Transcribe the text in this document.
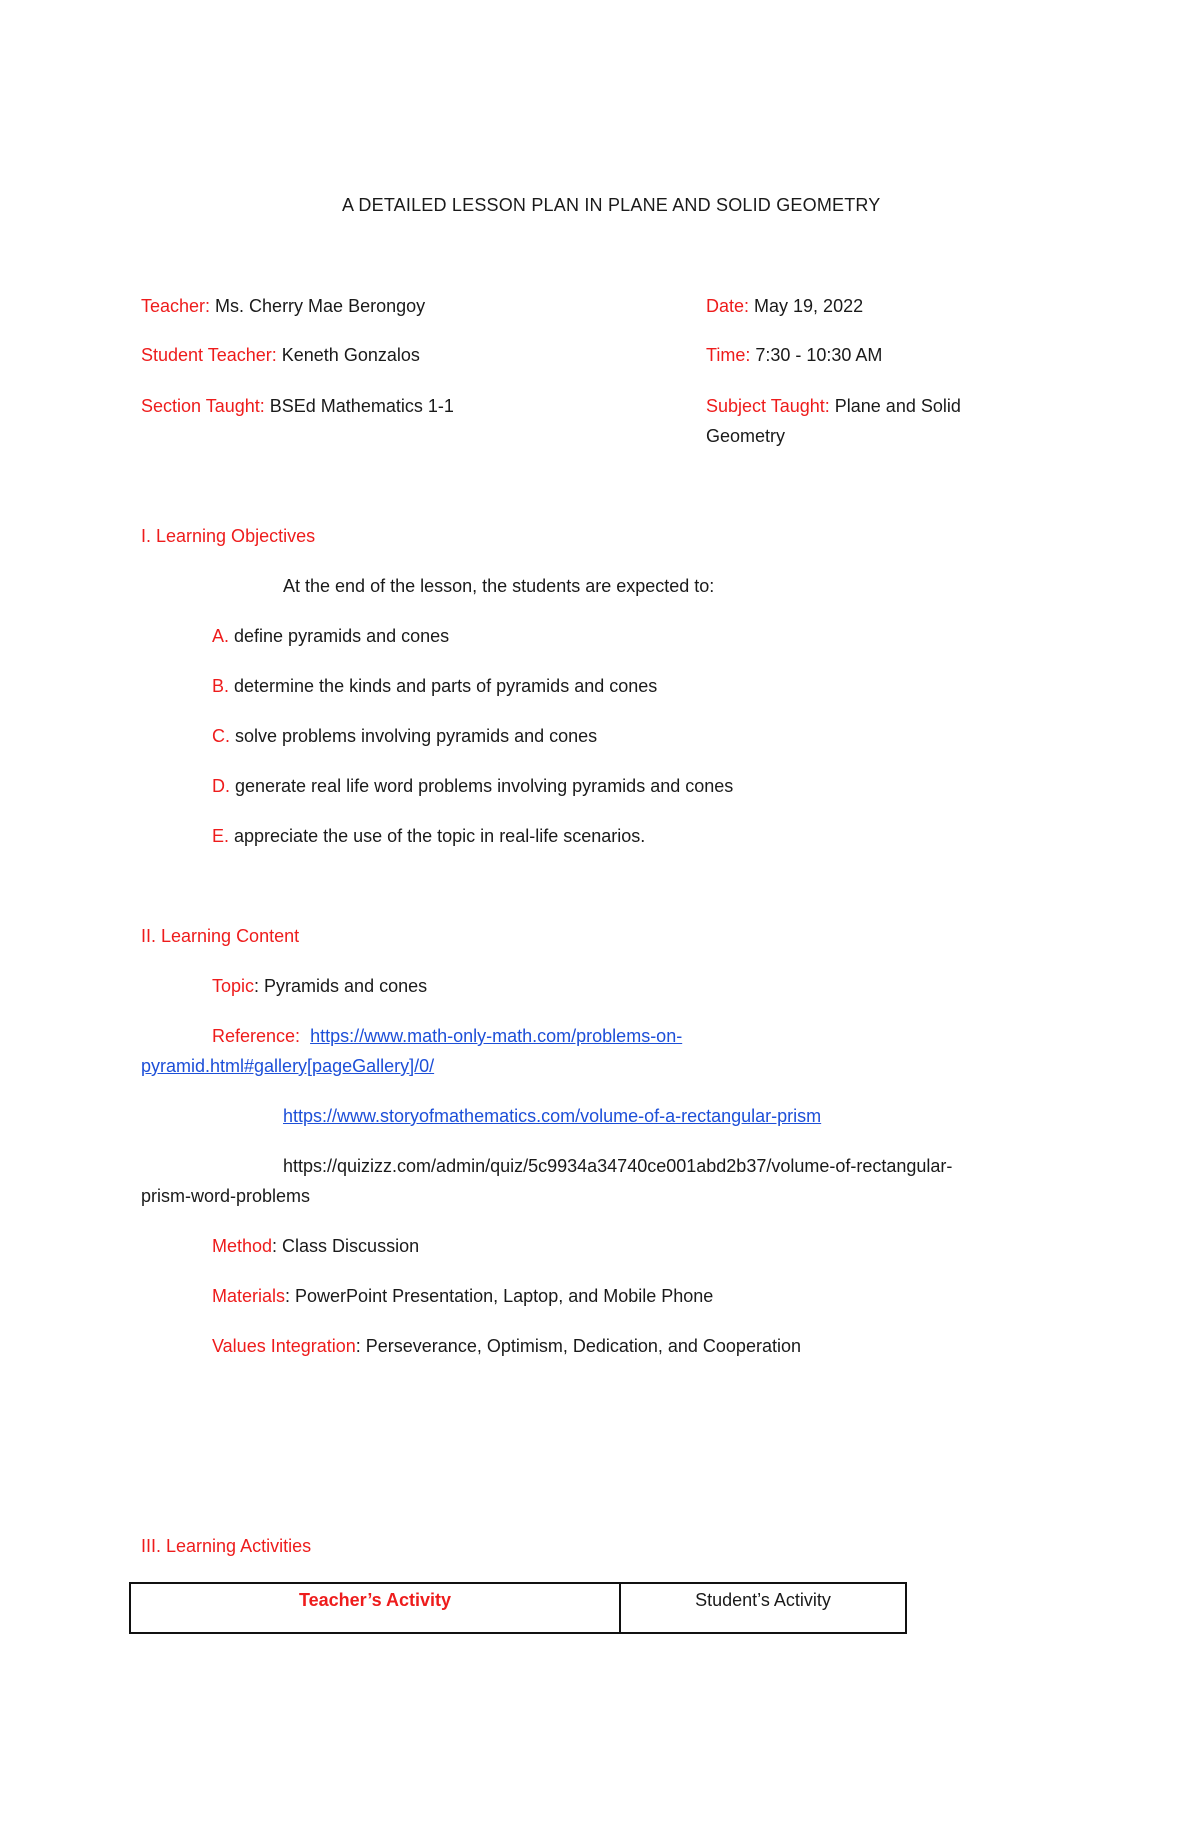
A DETAILED LESSON PLAN IN PLANE AND SOLID GEOMETRY
Teacher: Ms. Cherry Mae Berongoy
Student Teacher: Keneth Gonzalos
Section Taught: BSEd Mathematics 1-1
Date: May 19, 2022
Time: 7:30 - 10:30 AM
Subject Taught: Plane and Solid
Geometry
I. Learning Objectives
At the end of the lesson, the students are expected to:
A. define pyramids and cones
B. determine the kinds and parts of pyramids and cones
C. solve problems involving pyramids and cones
D. generate real life word problems involving pyramids and cones
E. appreciate the use of the topic in real-life scenarios.
II. Learning Content
Topic: Pyramids and cones
Reference: https://www.math-only-math.com/problems-on-
pyramid.html#gallery[pageGallery]/0/
https://www.storyofmathematics.com/volume-of-a-rectangular-prism
https://quizizz.com/admin/quiz/5c9934a34740ce001abd2b37/volume-of-rectangular-
prism-word-problems
Method: Class Discussion
Materials: PowerPoint Presentation, Laptop, and Mobile Phone
Values Integration: Perseverance, Optimism, Dedication, and Cooperation
III. Learning Activities
Teacher’s Activity	Student’s Activity
